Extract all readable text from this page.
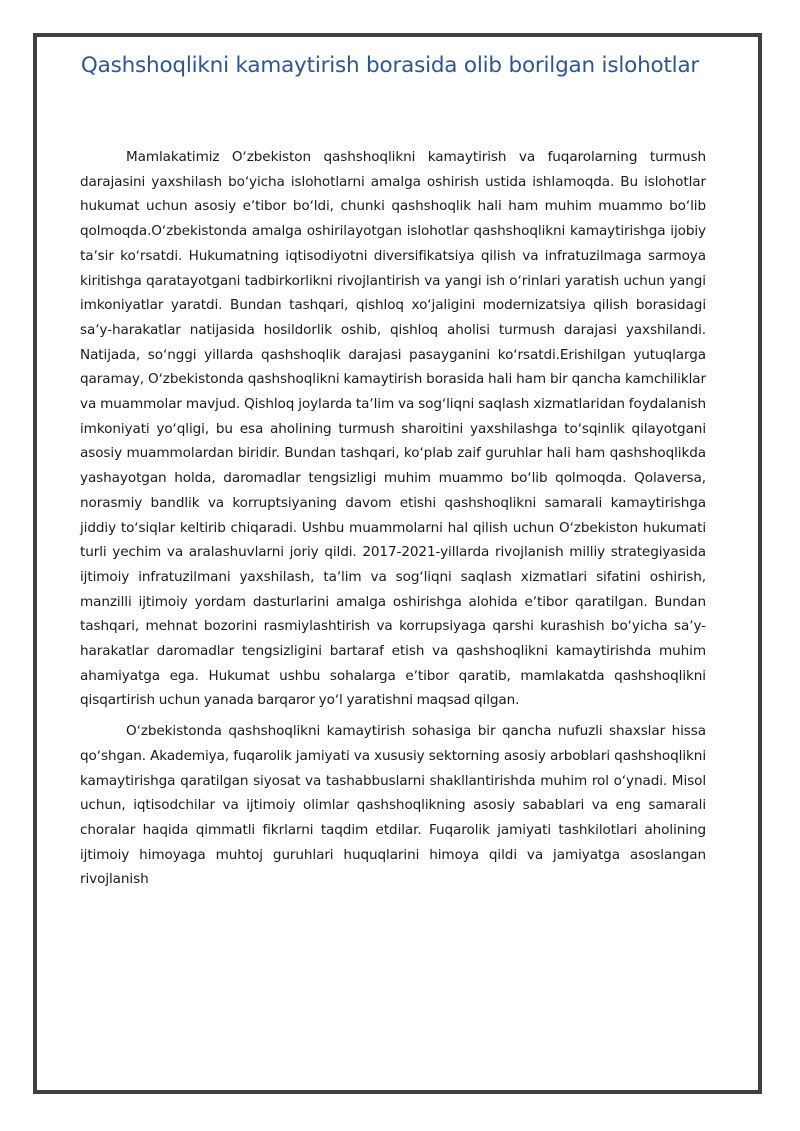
Qashshoqlikni kamaytirish borasida olib borilgan islohotlar

Mamlakatimiz Oʻzbekiston qashshoqlikni kamaytirish va fuqarolarning turmush darajasini yaxshilash boʻyicha islohotlarni amalga oshirish ustida ishlamoqda. Bu islohotlar hukumat uchun asosiy eʼtibor boʻldi, chunki qashshoqlik hali ham muhim muammo boʻlib qolmoqda.Oʻzbekistonda amalga oshirilayotgan islohotlar qashshoqlikni kamaytirishga ijobiy taʼsir koʻrsatdi. Hukumatning iqtisodiyotni diversifikatsiya qilish va infratuzilmaga sarmoya kiritishga qaratayotgani tadbirkorlikni rivojlantirish va yangi ish oʻrinlari yaratish uchun yangi imkoniyatlar yaratdi. Bundan tashqari, qishloq xoʻjaligini modernizatsiya qilish borasidagi saʼy-harakatlar natijasida hosildorlik oshib, qishloq aholisi turmush darajasi yaxshilandi. Natijada, soʻnggi yillarda qashshoqlik darajasi pasayganini koʻrsatdi.Erishilgan yutuqlarga qaramay, Oʻzbekistonda qashshoqlikni kamaytirish borasida hali ham bir qancha kamchiliklar va muammolar mavjud. Qishloq joylarda taʼlim va sogʻliqni saqlash xizmatlaridan foydalanish imkoniyati yoʻqligi, bu esa aholining turmush sharoitini yaxshilashga toʻsqinlik qilayotgani asosiy muammolardan biridir. Bundan tashqari, koʻplab zaif guruhlar hali ham qashshoqlikda yashayotgan holda, daromadlar tengsizligi muhim muammo boʻlib qolmoqda. Qolaversa, norasmiy bandlik va korruptsiyaning davom etishi qashshoqlikni samarali kamaytirishga jiddiy toʻsiqlar keltirib chiqaradi. Ushbu muammolarni hal qilish uchun Oʻzbekiston hukumati turli yechim va aralashuvlarni joriy qildi. 2017-2021-yillarda rivojlanish milliy strategiyasida ijtimoiy infratuzilmani yaxshilash, taʼlim va sogʻliqni saqlash xizmatlari sifatini oshirish, manzilli ijtimoiy yordam dasturlarini amalga oshirishga alohida eʼtibor qaratilgan. Bundan tashqari, mehnat bozorini rasmiylashtirish va korrupsiyaga qarshi kurashish boʻyicha saʼy-harakatlar daromadlar tengsizligini bartaraf etish va qashshoqlikni kamaytirishda muhim ahamiyatga ega. Hukumat ushbu sohalarga eʼtibor qaratib, mamlakatda qashshoqlikni qisqartirish uchun yanada barqaror yoʻl yaratishni maqsad qilgan.

Oʻzbekistonda qashshoqlikni kamaytirish sohasiga bir qancha nufuzli shaxslar hissa qoʻshgan. Akademiya, fuqarolik jamiyati va xususiy sektorning asosiy arboblari qashshoqlikni kamaytirishga qaratilgan siyosat va tashabbuslarni shakllantirishda muhim rol oʻynadi. Misol uchun, iqtisodchilar va ijtimoiy olimlar qashshoqlikning asosiy sabablari va eng samarali choralar haqida qimmatli fikrlarni taqdim etdilar. Fuqarolik jamiyati tashkilotlari aholining ijtimoiy himoyaga muhtoj guruhlari huquqlarini himoya qildi va jamiyatga asoslangan rivojlanish
